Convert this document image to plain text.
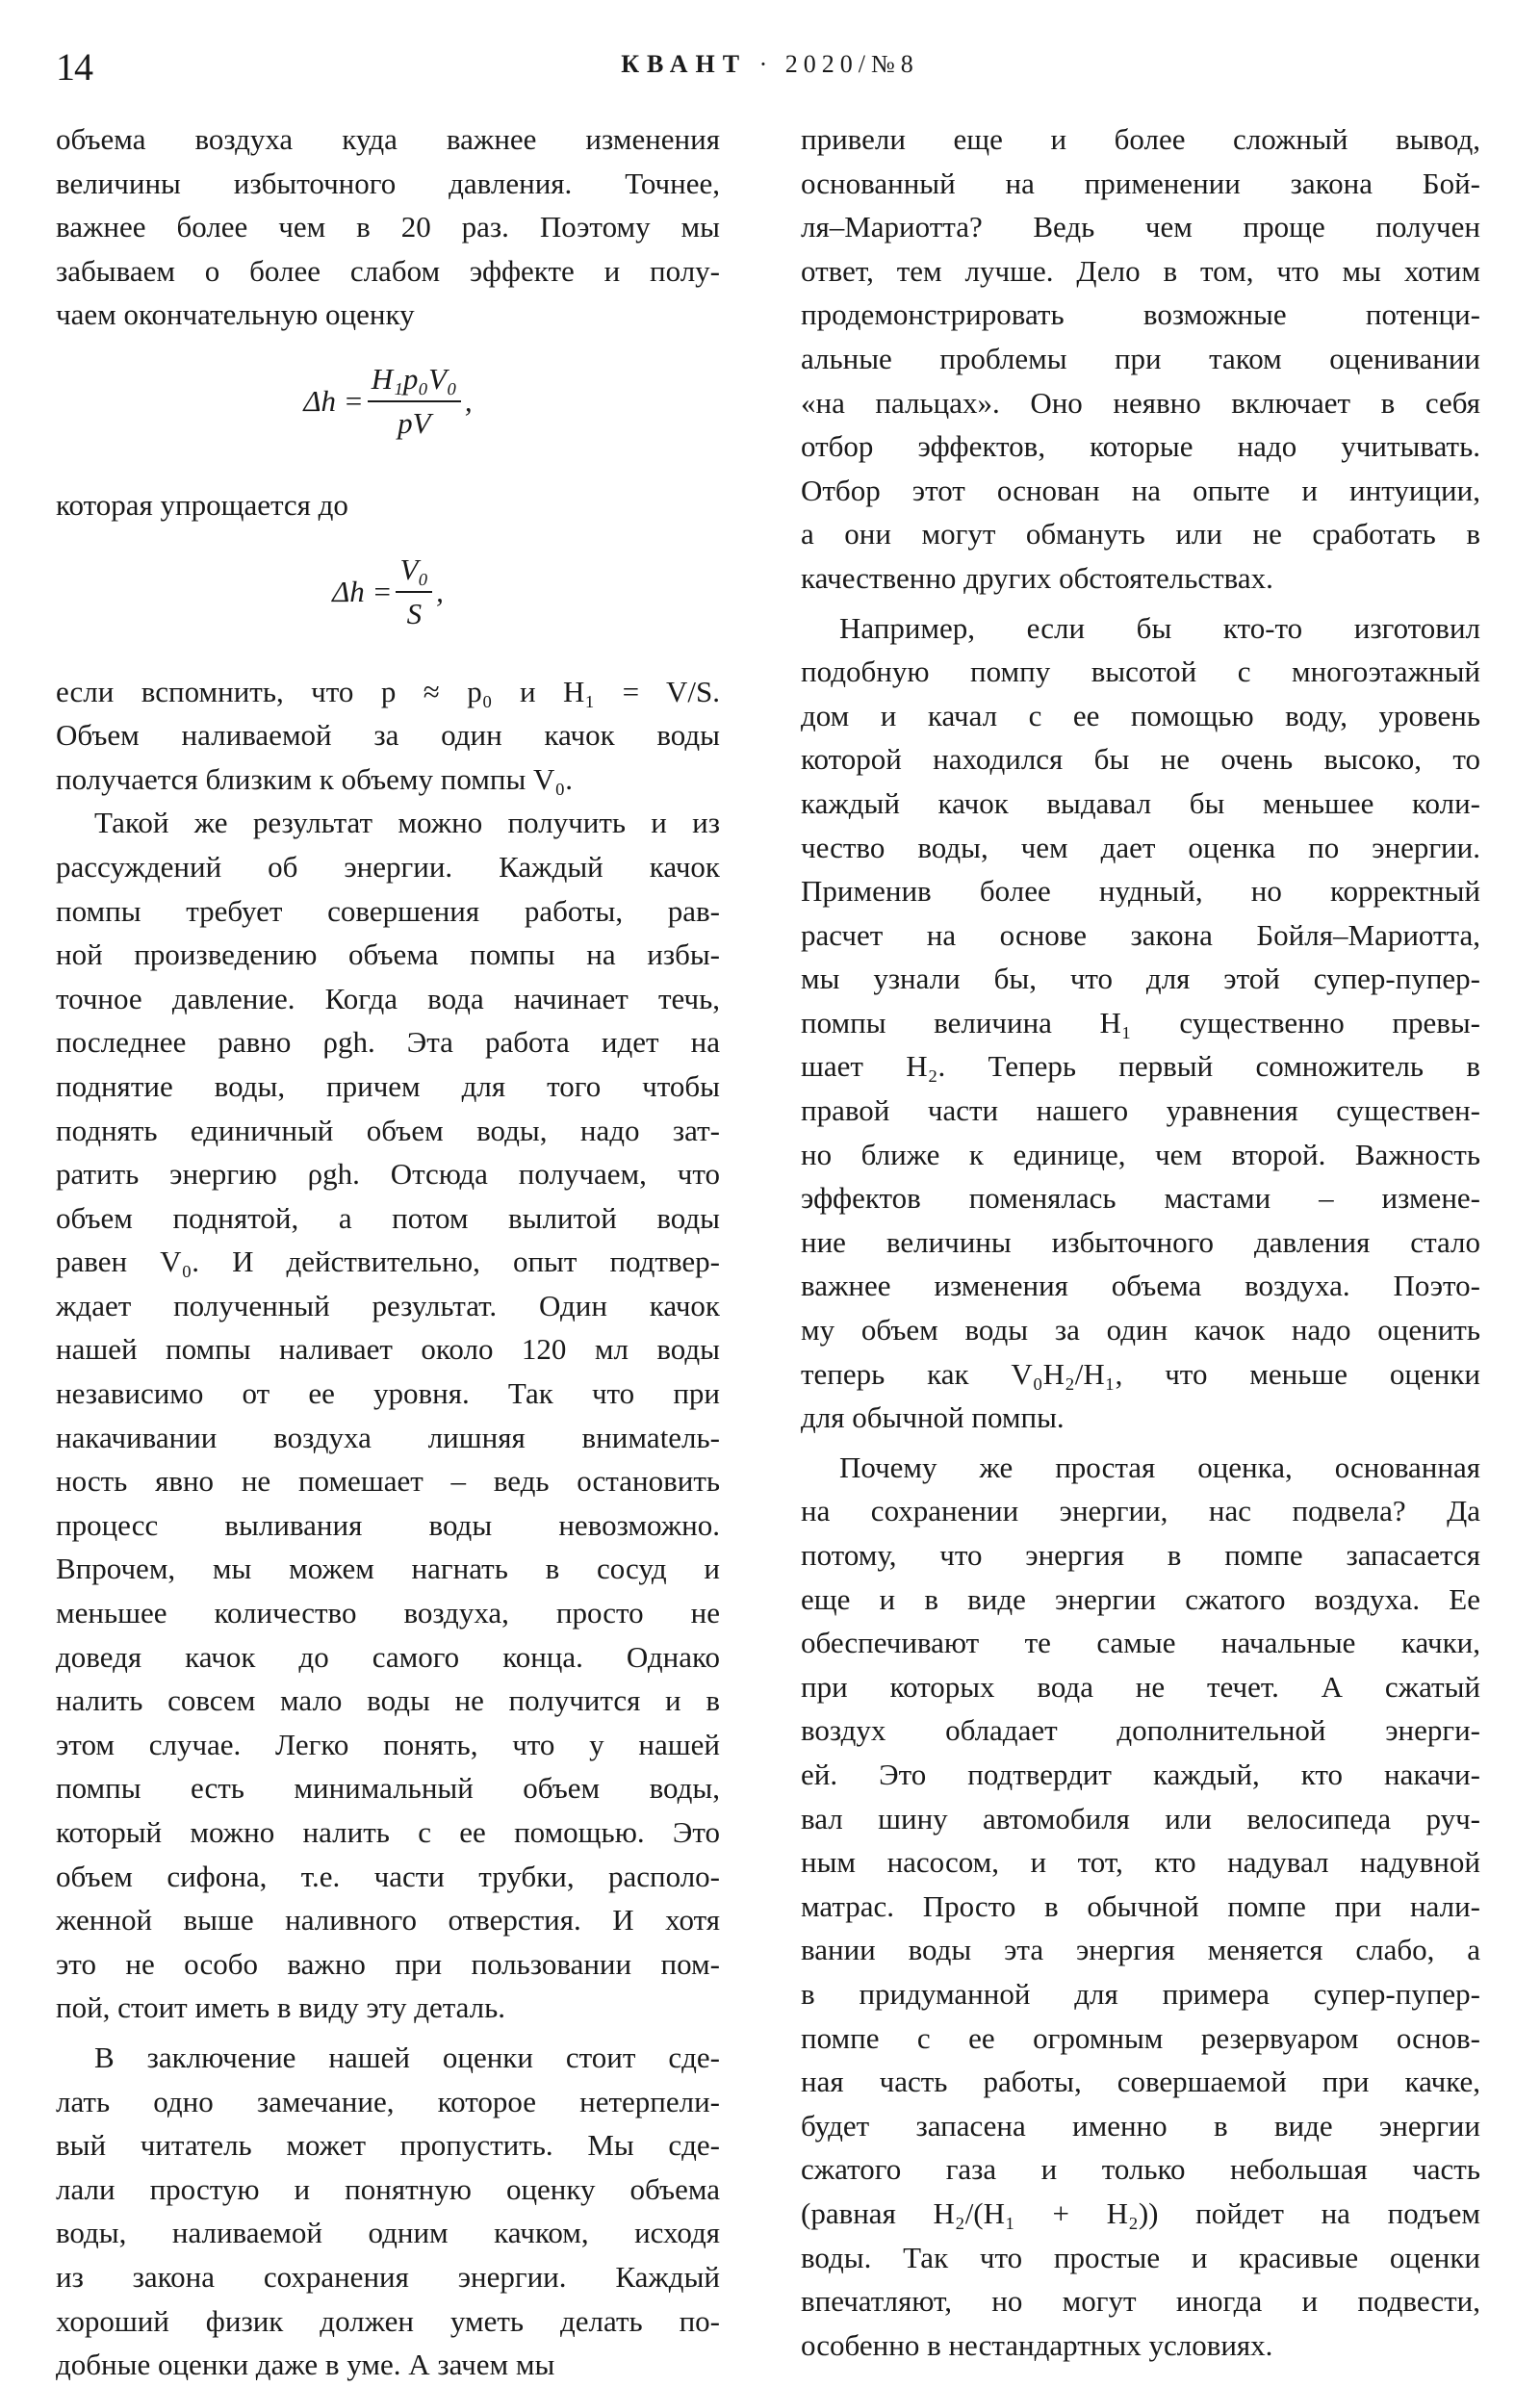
14	КВАНТ · 2020/№8
объема воздуха куда важнее изменения
величины избыточного давления. Точнее,
важнее более чем в 20 раз. Поэтому мы
забываем о более слабом эффекте и полу-
чаем окончательную оценку
$\Delta h = \frac{\text{H₁p₀V₀}}{pV}$ ,
которая упрощается до
$\Delta h = \frac{\text{V₀}}{S}$ ,
если вспомнить, что p ≈ p₀ и H₁ = V/S.
Объем наливаемой за один качок воды
получается близким к объему помпы V₀.
Такой же результат можно получить и из
рассуждений об энергии. Каждый качок
помпы требует совершения работы, рав-
ной произведению объема помпы на избы-
точное давление. Когда вода начинает течь,
последнее равно ρgh. Эта работа идет на
поднятие воды, причем для того чтобы
поднять единичный объем воды, надо зат-
ратить энергию ρgh. Отсюда получаем, что
объем поднятой, а потом вылитой воды
равен V₀. И действительно, опыт подтвер-
ждает полученный результат. Один качок
нашей помпы наливает около 120 мл воды
независимо от ее уровня. Так что при
накачивании воздуха лишняя внимatель-
ность явно не помешает – ведь остановить
процесс выливания воды невозможно.
Впрочем, мы можем нагнать в сосуд и
меньшее количество воздуха, просто не
доведя качок до самого конца. Однако
налить совсем мало воды не получится и в
этом случае. Легко понять, что у нашей
помпы есть минимальный объем воды,
который можно налить с ее помощью. Это
объем сифона, т.е. части трубки, располо-
женной выше наливного отверстия. И хотя
это не особо важно при пользовании пом-
пой, стоит иметь в виду эту деталь.
В заключение нашей оценки стоит сде-
лать одно замечание, которое нетерпели-
вый читатель может пропустить. Мы сде-
лали простую и понятную оценку объема
воды, наливаемой одним качком, исходя
из закона сохранения энергии. Каждый
хороший физик должен уметь делать по-
добные оценки даже в уме. А зачем мы
привели еще и более сложный вывод,
основанный на применении закона Бой-
ля–Мариотта? Ведь чем проще получен
ответ, тем лучше. Дело в том, что мы хотим
продемонстрировать возможные потенци-
альные проблемы при таком оценивании
«на пальцах». Оно неявно включает в себя
отбор эффектов, которые надо учитывать.
Отбор этот основан на опыте и интуиции,
а они могут обмануть или не сработать в
качественно других обстоятельствах.
Например, если бы кто-то изготовил
подобную помпу высотой с многоэтажный
дом и качал с ее помощью воду, уровень
которой находился бы не очень высоко, то
каждый качок выдавал бы меньшее коли-
чество воды, чем дает оценка по энергии.
Применив более нудный, но корректный
расчет на основе закона Бойля–Мариотта,
мы узнали бы, что для этой супер-пупер-
помпы величина H₁ существенно превы-
шает H₂. Теперь первый сомножитель в
правой части нашего уравнения существен-
но ближе к единице, чем второй. Важность
эффектов поменялась мастами – измене-
ние величины избыточного давления стало
важнее изменения объема воздуха. Поэто-
му объем воды за один качок надо оценить
теперь как V₀H₂/H₁, что меньше оценки
для обычной помпы.
Почему же простая оценка, основанная
на сохранении энергии, нас подвела? Да
потому, что энергия в помпе запасается
еще и в виде энергии сжатого воздуха. Ее
обеспечивают те самые начальные качки,
при которых вода не течет. А сжатый
воздух обладает дополнительной энерги-
ей. Это подтвердит каждый, кто накачи-
вал шину автомобиля или велосипеда руч-
ным насосом, и тот, кто надувал надувной
матрас. Просто в обычной помпе при нали-
вании воды эта энергия меняется слабо, а
в придуманной для примера супер-пупер-
помпе с ее огромным резервуаром основ-
ная часть работы, совершаемой при качке,
будет запасена именно в виде энергии
сжатого газа и только небольшая часть
(равная H₂/(H₁ + H₂)) пойдет на подъем
воды. Так что простые и красивые оценки
впечатляют, но могут иногда и подвести,
особенно в нестандартных условиях.
